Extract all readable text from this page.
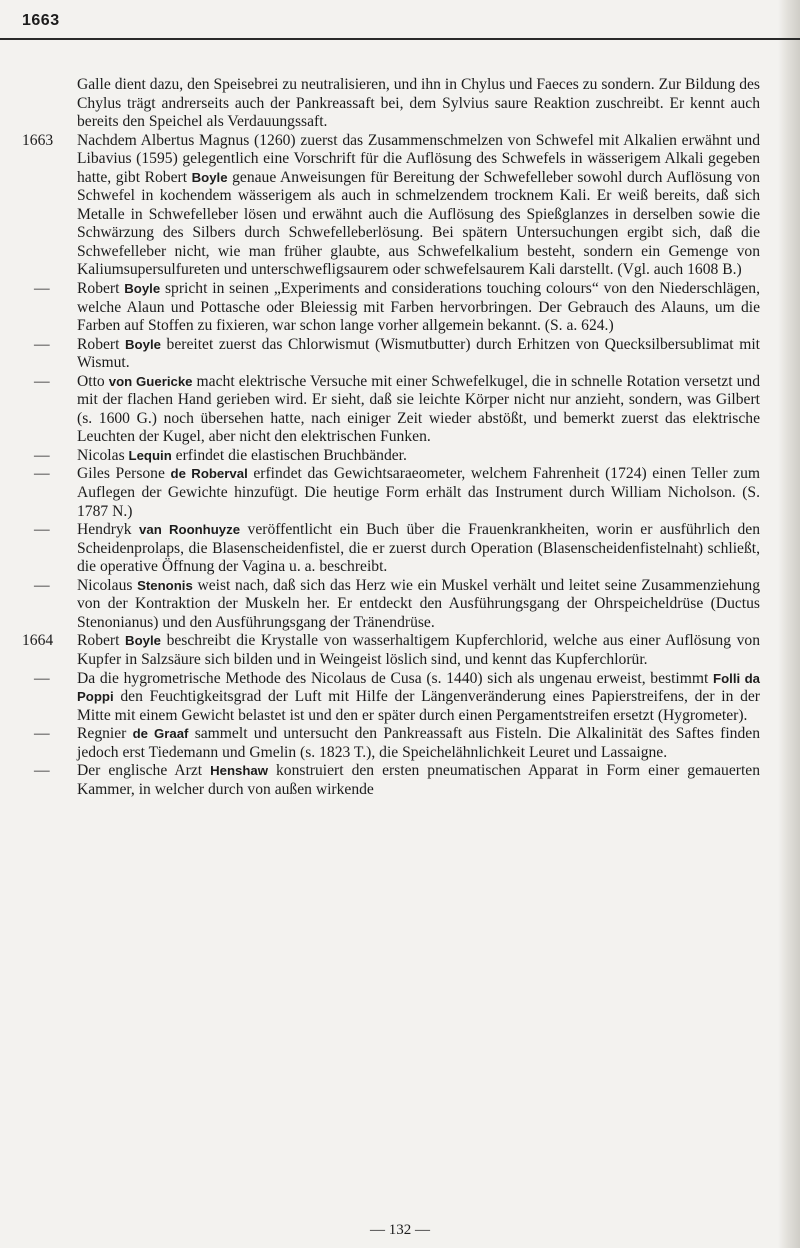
1663
Galle dient dazu, den Speisebrei zu neutralisieren, und ihn in Chylus und Faeces zu sondern. Zur Bildung des Chylus trägt andrerseits auch der Pankreassaft bei, dem Sylvius saure Reaktion zuschreibt. Er kennt auch bereits den Speichel als Verdauungssaft.
1663	Nachdem Albertus Magnus (1260) zuerst das Zusammenschmelzen von Schwefel mit Alkalien erwähnt und Libavius (1595) gelegentlich eine Vorschrift für die Auflösung des Schwefels in wässerigem Alkali gegeben hatte, gibt Robert Boyle genaue Anweisungen für Bereitung der Schwefelleber sowohl durch Auflösung von Schwefel in kochendem wässerigem als auch in schmelzendem trocknem Kali. Er weiß bereits, daß sich Metalle in Schwefelleber lösen und erwähnt auch die Auflösung des Spießglanzes in derselben sowie die Schwärzung des Silbers durch Schwefelleberlösung. Bei spätern Untersuchungen ergibt sich, daß die Schwefelleber nicht, wie man früher glaubte, aus Schwefelkalium besteht, sondern ein Gemenge von Kaliumsupersulfureten und unterschwefligsaurem oder schwefelsaurem Kali darstellt. (Vgl. auch 1608 B.)
—	Robert Boyle spricht in seinen „Experiments and considerations touching colours“ von den Niederschlägen, welche Alaun und Pottasche oder Bleiessig mit Farben hervorbringen. Der Gebrauch des Alauns, um die Farben auf Stoffen zu fixieren, war schon lange vorher allgemein bekannt. (S. a. 624.)
—	Robert Boyle bereitet zuerst das Chlorwismut (Wismutbutter) durch Erhitzen von Quecksilbersublimat mit Wismut.
—	Otto von Guericke macht elektrische Versuche mit einer Schwefelkugel, die in schnelle Rotation versetzt und mit der flachen Hand gerieben wird. Er sieht, daß sie leichte Körper nicht nur anzieht, sondern, was Gilbert (s. 1600 G.) noch übersehen hatte, nach einiger Zeit wieder abstößt, und bemerkt zuerst das elektrische Leuchten der Kugel, aber nicht den elektrischen Funken.
—	Nicolas Lequin erfindet die elastischen Bruchbänder.
—	Giles Persone de Roberval erfindet das Gewichtsaraeometer, welchem Fahrenheit (1724) einen Teller zum Auflegen der Gewichte hinzufügt. Die heutige Form erhält das Instrument durch William Nicholson. (S. 1787 N.)
—	Hendryk van Roonhuyze veröffentlicht ein Buch über die Frauenkrankheiten, worin er ausführlich den Scheidenprolaps, die Blasenscheidenfistel, die er zuerst durch Operation (Blasenscheidenfistelnaht) schließt, die operative Öffnung der Vagina u. a. beschreibt.
—	Nicolaus Stenonis weist nach, daß sich das Herz wie ein Muskel verhält und leitet seine Zusammenziehung von der Kontraktion der Muskeln her. Er entdeckt den Ausführungsgang der Ohrspeicheldrüse (Ductus Stenonianus) und den Ausführungsgang der Tränendrüse.
1664	Robert Boyle beschreibt die Krystalle von wasserhaltigem Kupferchlorid, welche aus einer Auflösung von Kupfer in Salzsäure sich bilden und in Weingeist löslich sind, und kennt das Kupferchlorür.
—	Da die hygrometrische Methode des Nicolaus de Cusa (s. 1440) sich als ungenau erweist, bestimmt Folli da Poppi den Feuchtigkeitsgrad der Luft mit Hilfe der Längenveränderung eines Papierstreifens, der in der Mitte mit einem Gewicht belastet ist und den er später durch einen Pergamentstreifen ersetzt (Hygrometer).
—	Regnier de Graaf sammelt und untersucht den Pankreassaft aus Fisteln. Die Alkalinität des Saftes finden jedoch erst Tiedemann und Gmelin (s. 1823 T.), die Speichelähnlichkeit Leuret und Lassaigne.
—	Der englische Arzt Henshaw konstruiert den ersten pneumatischen Apparat in Form einer gemauerten Kammer, in welcher durch von außen wirkende
— 132 —
